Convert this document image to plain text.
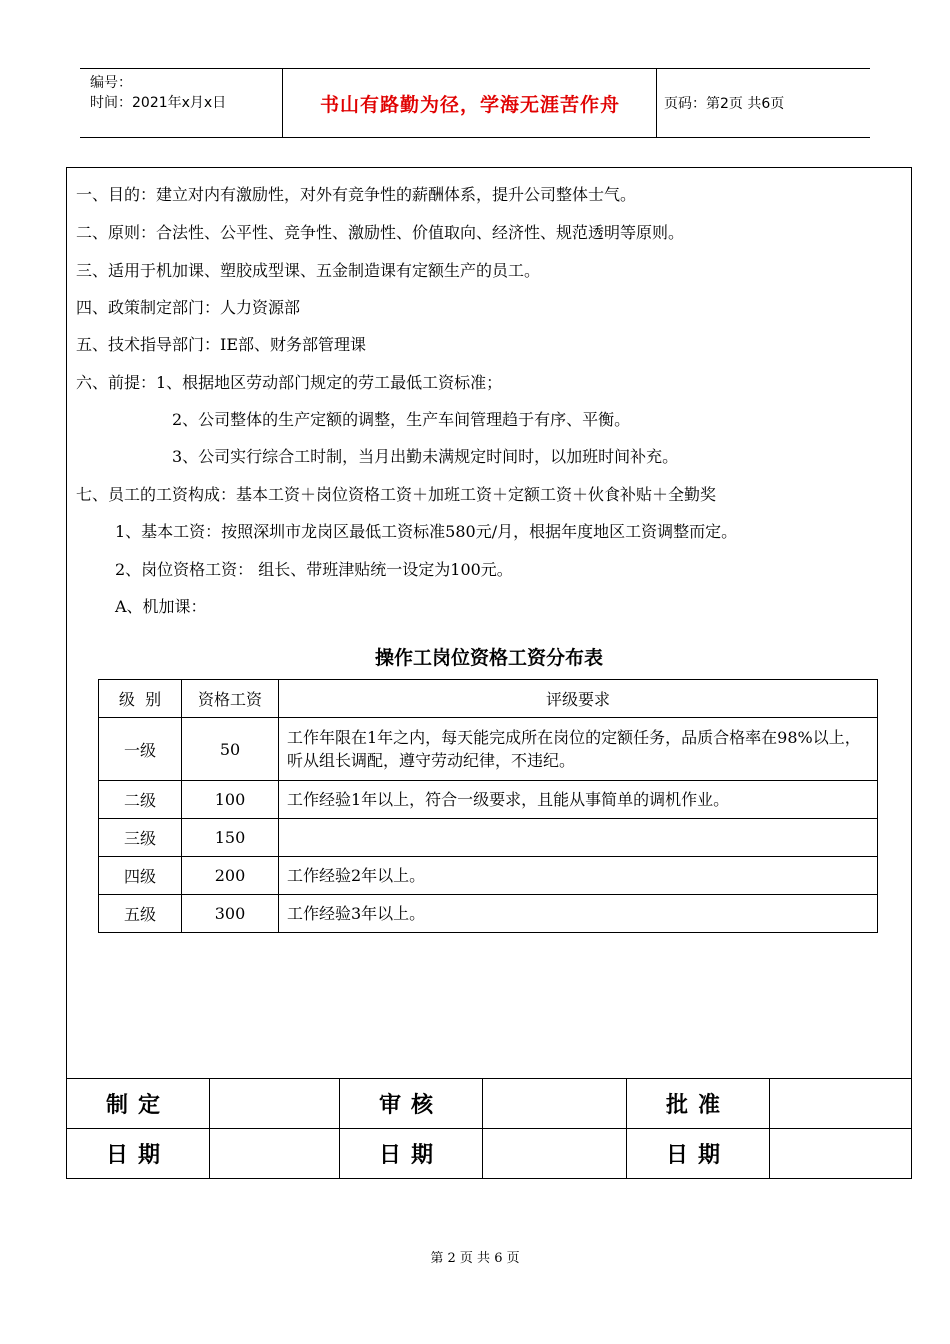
编号：
时间：2021年x月x日	书山有路勤为径，学海无涯苦作舟	页码：第2页 共6页
一、目的：建立对内有激励性，对外有竞争性的薪酬体系，提升公司整体士气。
二、原则：合法性、公平性、竞争性、激励性、价值取向、经济性、规范透明等原则。
三、适用于机加课、塑胶成型课、五金制造课有定额生产的员工。
四、政策制定部门：人力资源部
五、技术指导部门：IE部、财务部管理课
六、前提：1、根据地区劳动部门规定的劳工最低工资标准；
2、公司整体的生产定额的调整，生产车间管理趋于有序、平衡。
3、公司实行综合工时制，当月出勤未满规定时间时，以加班时间补充。
七、员工的工资构成：基本工资＋岗位资格工资＋加班工资＋定额工资＋伙食补贴＋全勤奖
1、基本工资：按照深圳市龙岗区最低工资标准580元/月，根据年度地区工资调整而定。
2、岗位资格工资： 组长、带班津贴统一设定为100元。
A、机加课：
操作工岗位资格工资分布表
级  别	资格工资	评级要求
一级	50	工作年限在1年之内，每天能完成所在岗位的定额任务，品质合格率在98%以上，听从组长调配，遵守劳动纪律，不违纪。
二级	100	工作经验1年以上，符合一级要求，且能从事简单的调机作业。
三级	150	
四级	200	工作经验2年以上。
五级	300	工作经验3年以上。
制定		审核		批准	
日期		日期		日期	
第 2 页 共 6 页
